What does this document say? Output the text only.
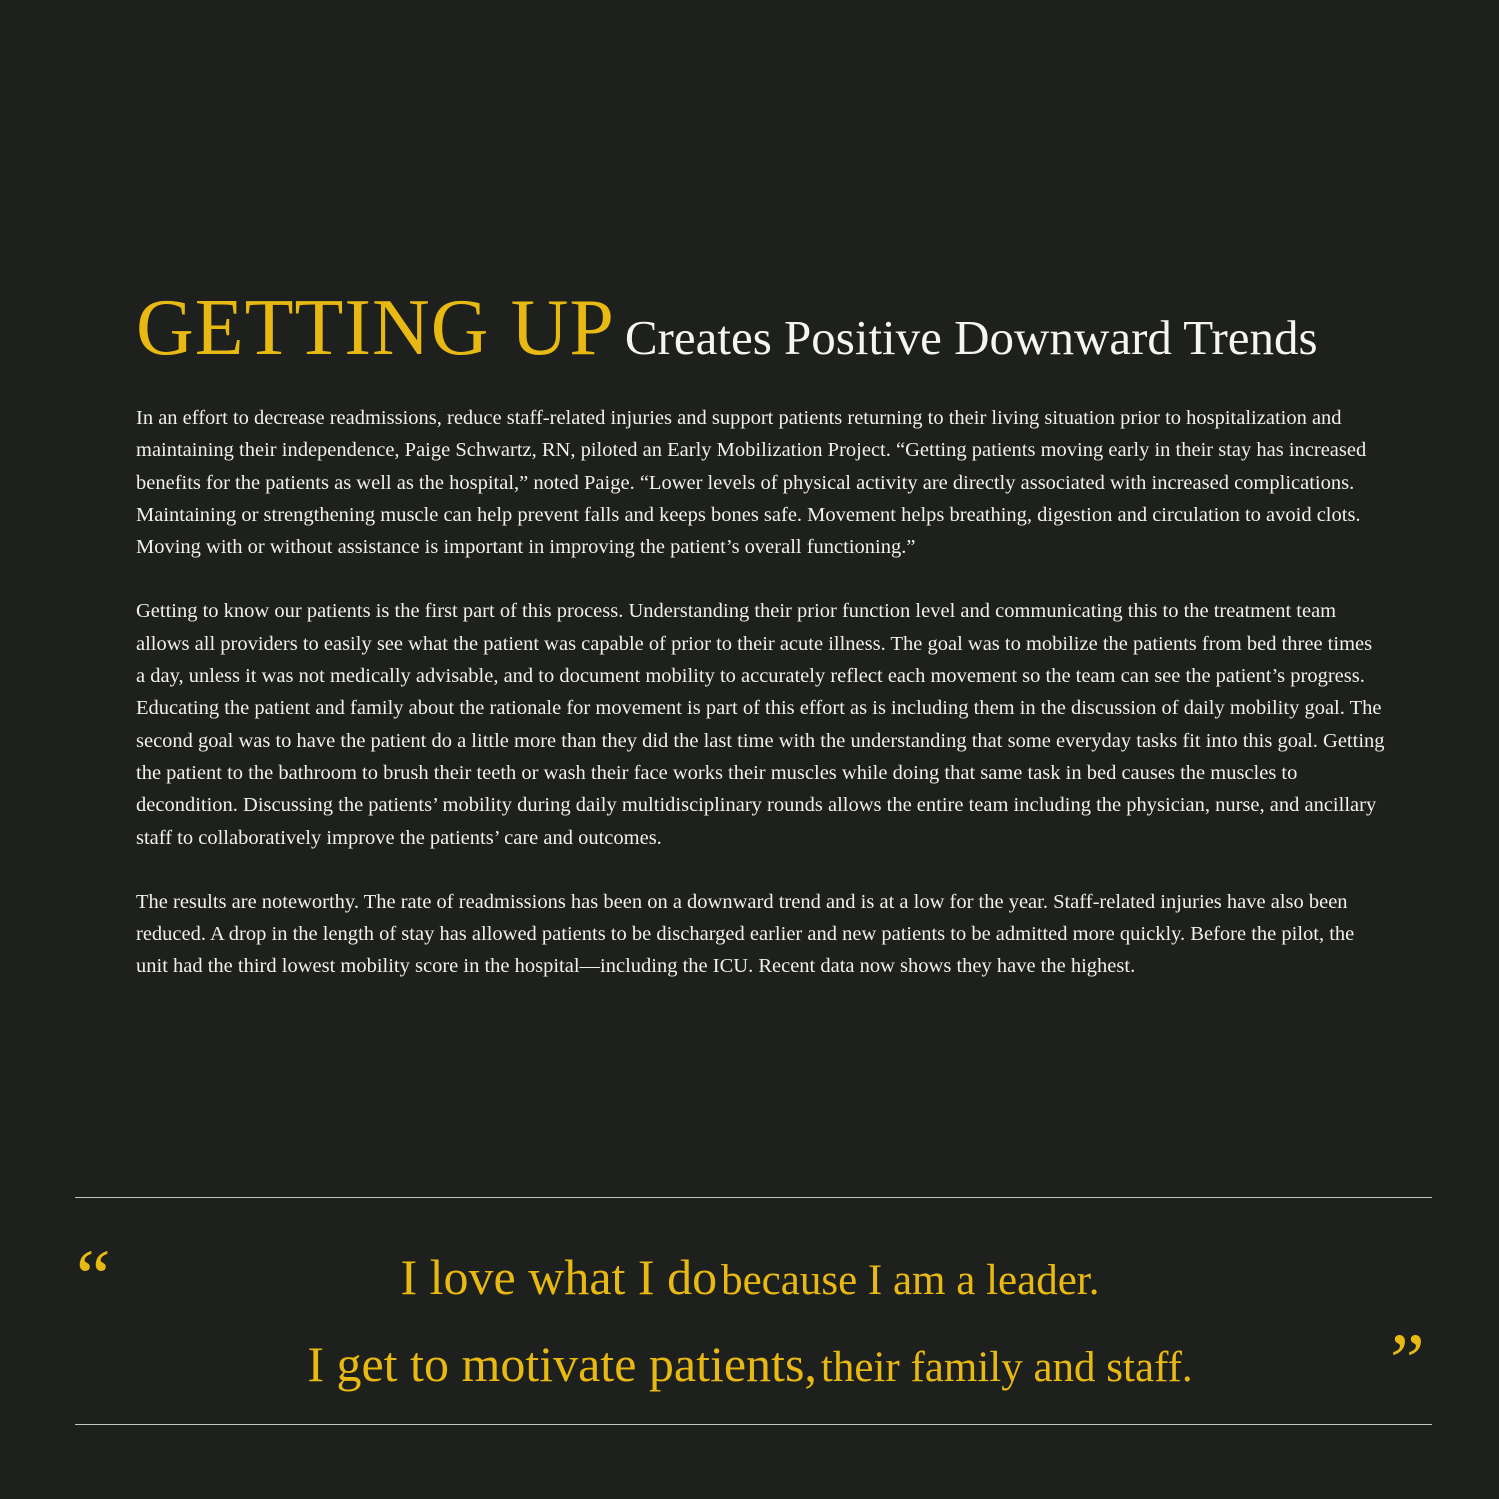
GETTING UP Creates Positive Downward Trends

In an effort to decrease readmissions, reduce staff-related injuries and support patients returning to their living situation prior to hospitalization and maintaining their independence, Paige Schwartz, RN, piloted an Early Mobilization Project. “Getting patients moving early in their stay has increased benefits for the patients as well as the hospital,” noted Paige. “Lower levels of physical activity are directly associated with increased complications. Maintaining or strengthening muscle can help prevent falls and keeps bones safe. Movement helps breathing, digestion and circulation to avoid clots. Moving with or without assistance is important in improving the patient’s overall functioning.”

Getting to know our patients is the first part of this process. Understanding their prior function level and communicating this to the treatment team allows all providers to easily see what the patient was capable of prior to their acute illness. The goal was to mobilize the patients from bed three times a day, unless it was not medically advisable, and to document mobility to accurately reflect each movement so the team can see the patient’s progress. Educating the patient and family about the rationale for movement is part of this effort as is including them in the discussion of daily mobility goal. The second goal was to have the patient do a little more than they did the last time with the understanding that some everyday tasks fit into this goal. Getting the patient to the bathroom to brush their teeth or wash their face works their muscles while doing that same task in bed causes the muscles to decondition. Discussing the patients’ mobility during daily multidisciplinary rounds allows the entire team including the physician, nurse, and ancillary staff to collaboratively improve the patients’ care and outcomes.

The results are noteworthy. The rate of readmissions has been on a downward trend and is at a low for the year. Staff-related injuries have also been reduced. A drop in the length of stay has allowed patients to be discharged earlier and new patients to be admitted more quickly. Before the pilot, the unit had the third lowest mobility score in the hospital—including the ICU. Recent data now shows they have the highest.

“	I love what I do because I am a leader.
I get to motivate patients, their family and staff.	”
